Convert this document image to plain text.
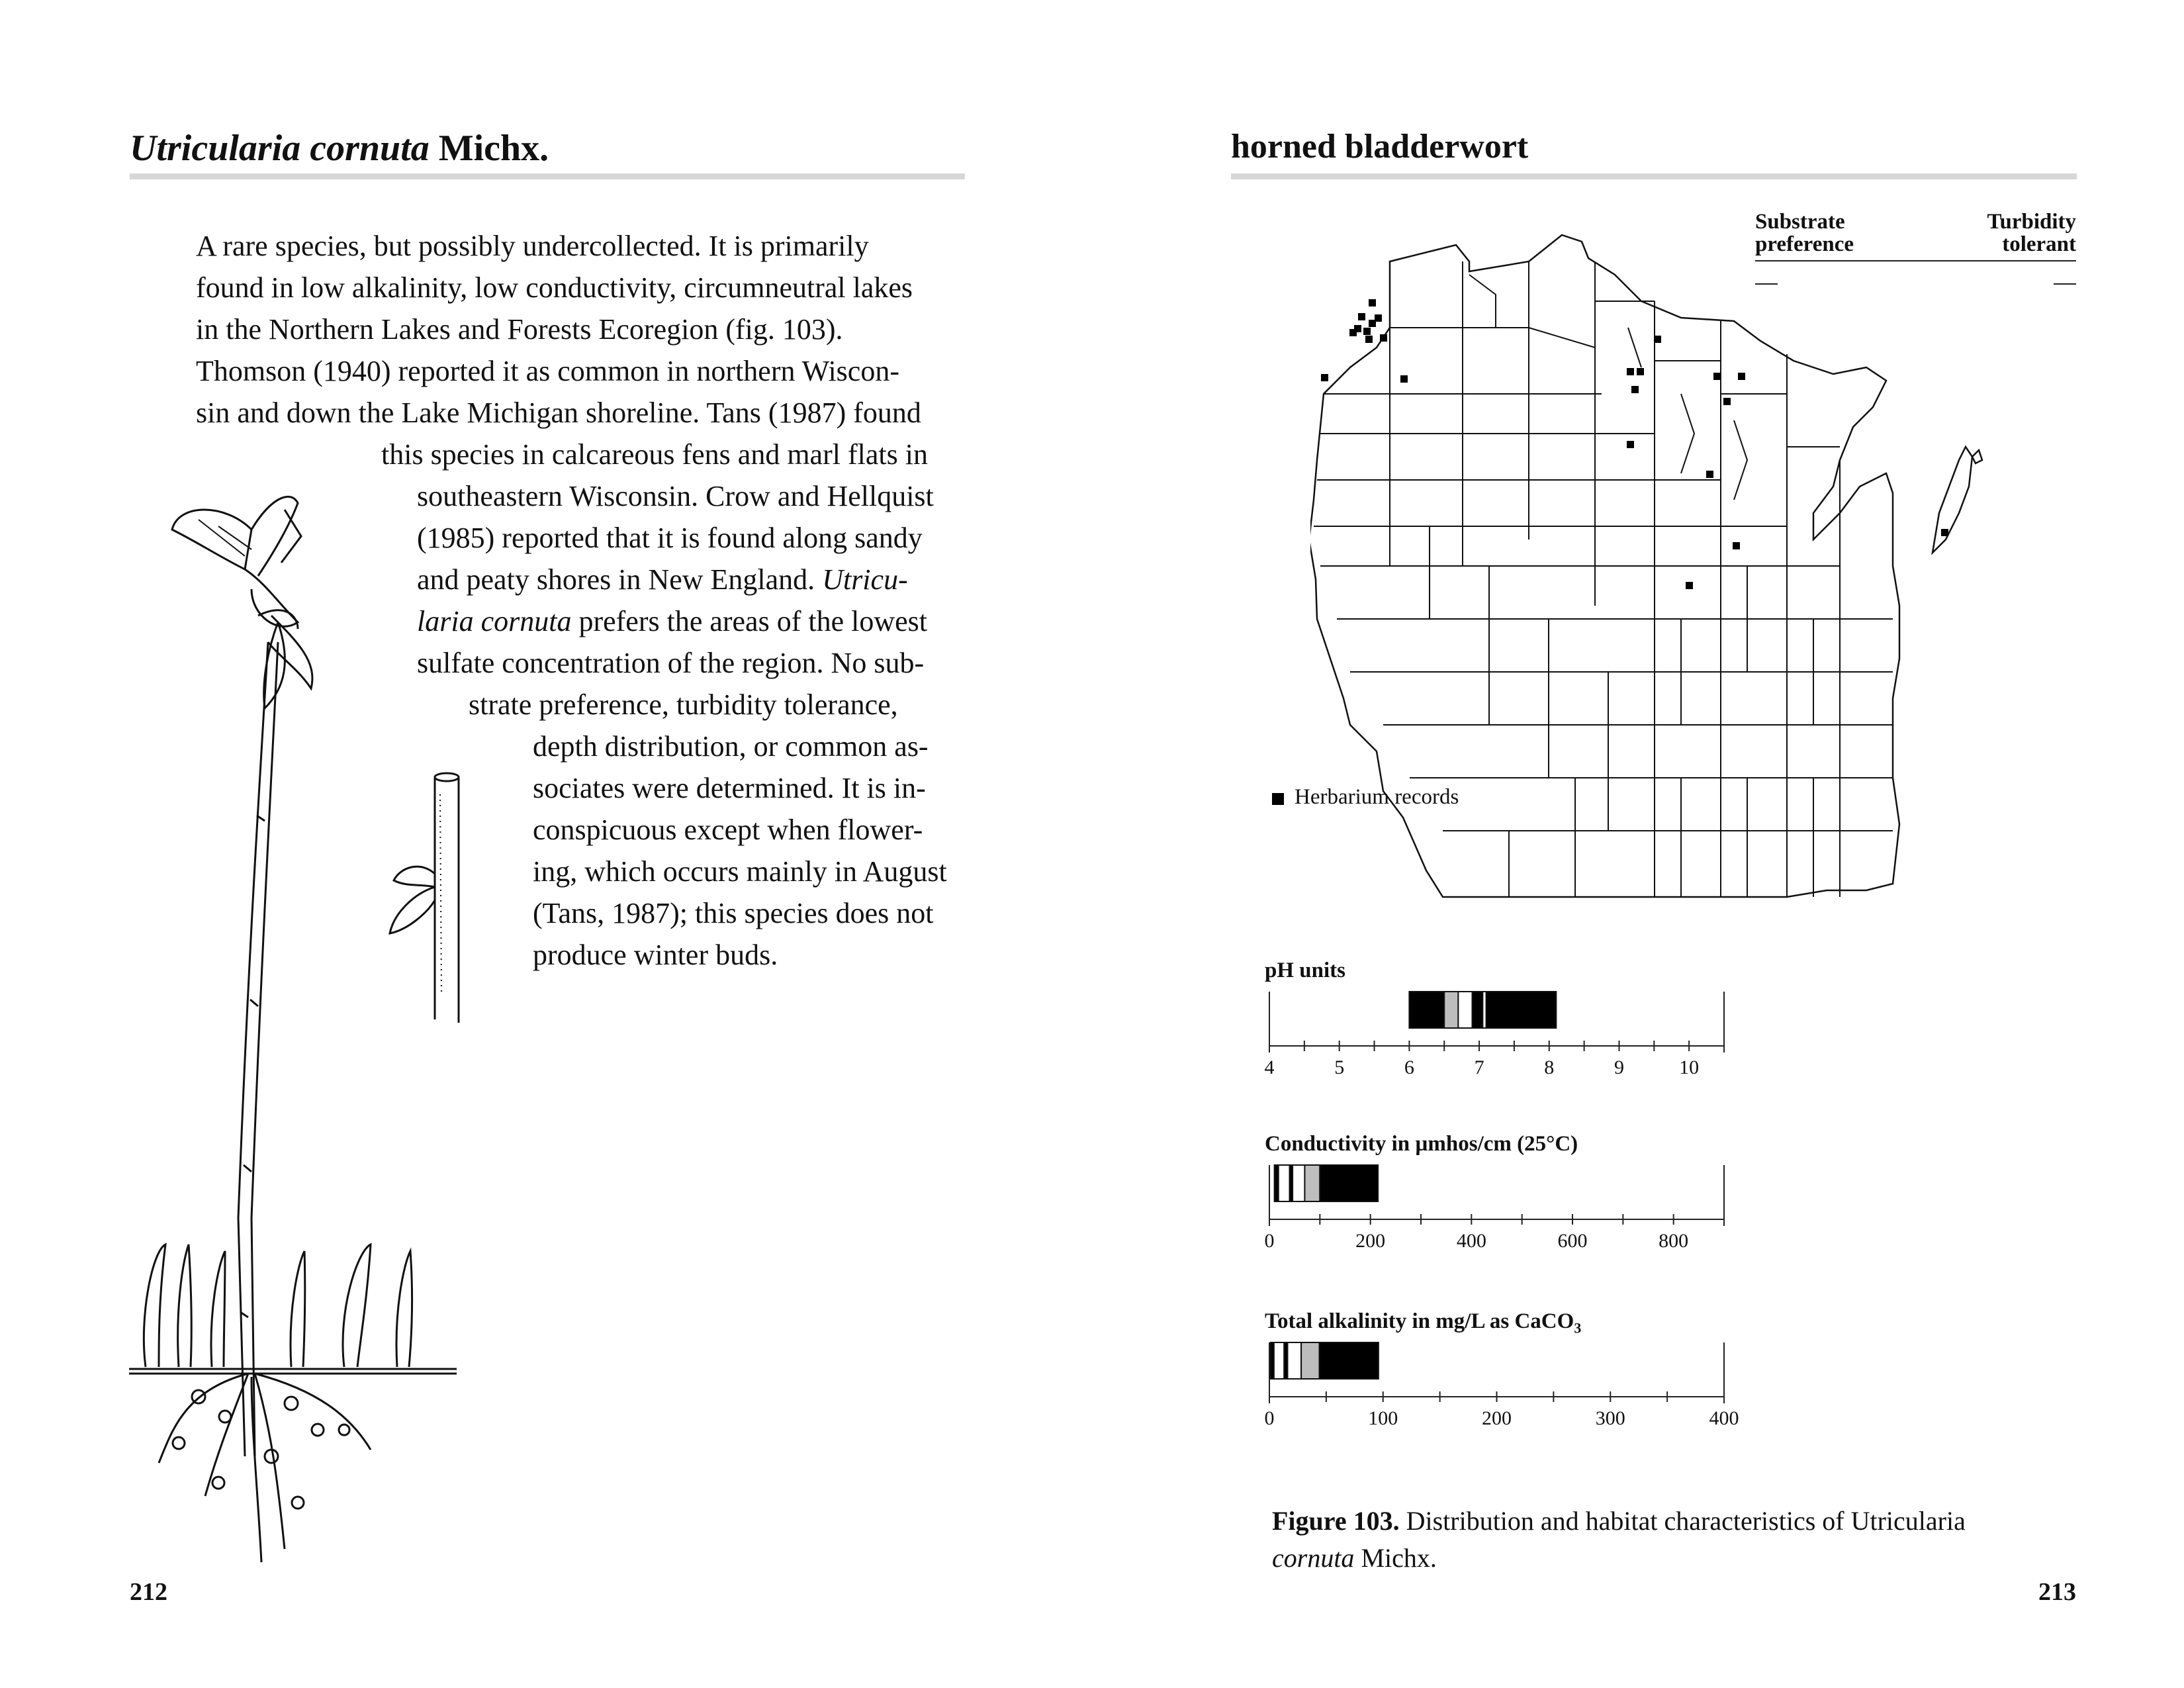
Utricularia cornuta Michx.
A rare species, but possibly undercollected. It is primarily
found in low alkalinity, low conductivity, circumneutral lakes
in the Northern Lakes and Forests Ecoregion (fig. 103).
Thomson (1940) reported it as common in northern Wiscon-
sin and down the Lake Michigan shoreline. Tans (1987) found
this species in calcareous fens and marl flats in
southeastern Wisconsin. Crow and Hellquist
(1985) reported that it is found along sandy
and peaty shores in New England. Utricu-
laria cornuta prefers the areas of the lowest
sulfate concentration of the region. No sub-
strate preference, turbidity tolerance,
depth distribution, or common as-
sociates were determined. It is in-
conspicuous except when flower-
ing, which occurs mainly in August
(Tans, 1987); this species does not
produce winter buds.
212
horned bladderwort
Substrate
preference
Turbidity
tolerant
Herbarium records
pH units
4	5	6	7	8	9	10
Conductivity in µmhos/cm (25°C)
0	200	400	600	800
Total alkalinity in mg/L as CaCO$_3$
0	100	200	300	400
Figure 103. Distribution and habitat characteristics of Utricularia
cornuta Michx.
213
